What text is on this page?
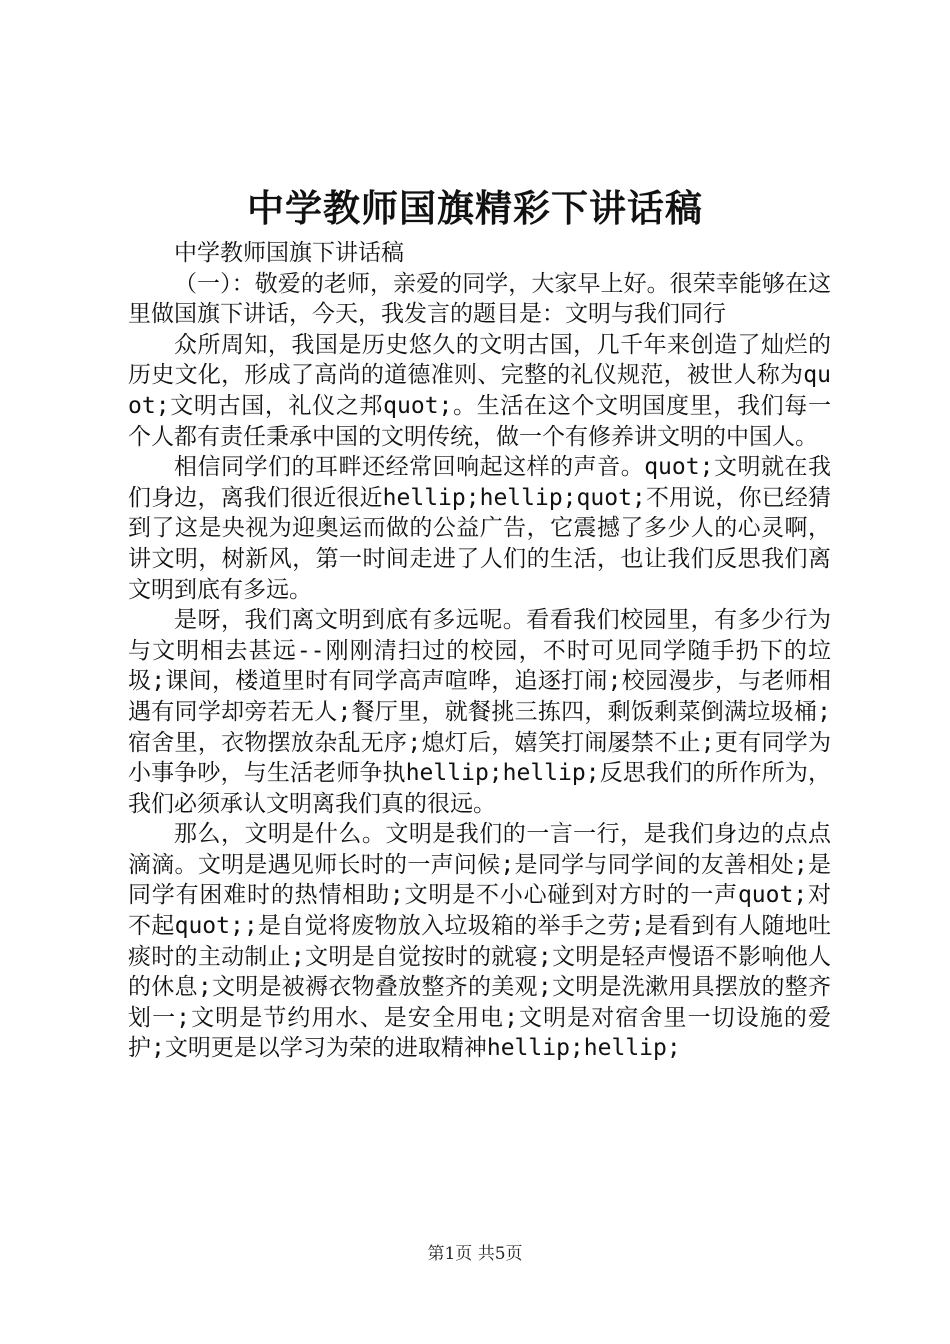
中学教师国旗精彩下讲话稿

中学教师国旗下讲话稿

（一）：敬爱的老师，亲爱的同学，大家早上好。很荣幸能够在这里做国旗下讲话，今天，我发言的题目是：文明与我们同行

众所周知，我国是历史悠久的文明古国，几千年来创造了灿烂的历史文化，形成了高尚的道德准则、完整的礼仪规范，被世人称为quot;文明古国，礼仪之邦quot;。生活在这个文明国度里，我们每一个人都有责任秉承中国的文明传统，做一个有修养讲文明的中国人。

相信同学们的耳畔还经常回响起这样的声音。quot;文明就在我们身边，离我们很近很近hellip;hellip;quot;不用说，你已经猜到了这是央视为迎奥运而做的公益广告，它震撼了多少人的心灵啊，讲文明，树新风，第一时间走进了人们的生活，也让我们反思我们离文明到底有多远。

是呀，我们离文明到底有多远呢。看看我们校园里，有多少行为与文明相去甚远--刚刚清扫过的校园，不时可见同学随手扔下的垃圾;课间，楼道里时有同学高声喧哗，追逐打闹;校园漫步，与老师相遇有同学却旁若无人;餐厅里，就餐挑三拣四，剩饭剩菜倒满垃圾桶;宿舍里，衣物摆放杂乱无序;熄灯后，嬉笑打闹屡禁不止;更有同学为小事争吵，与生活老师争执hellip;hellip;反思我们的所作所为，我们必须承认文明离我们真的很远。

那么，文明是什么。文明是我们的一言一行，是我们身边的点点滴滴。文明是遇见师长时的一声问候;是同学与同学间的友善相处;是同学有困难时的热情相助;文明是不小心碰到对方时的一声quot;对不起quot;;是自觉将废物放入垃圾箱的举手之劳;是看到有人随地吐痰时的主动制止;文明是自觉按时的就寝;文明是轻声慢语不影响他人的休息;文明是被褥衣物叠放整齐的美观;文明是洗漱用具摆放的整齐划一;文明是节约用水、是安全用电;文明是对宿舍里一切设施的爱护;文明更是以学习为荣的进取精神hellip;hellip;

第1页 共5页
